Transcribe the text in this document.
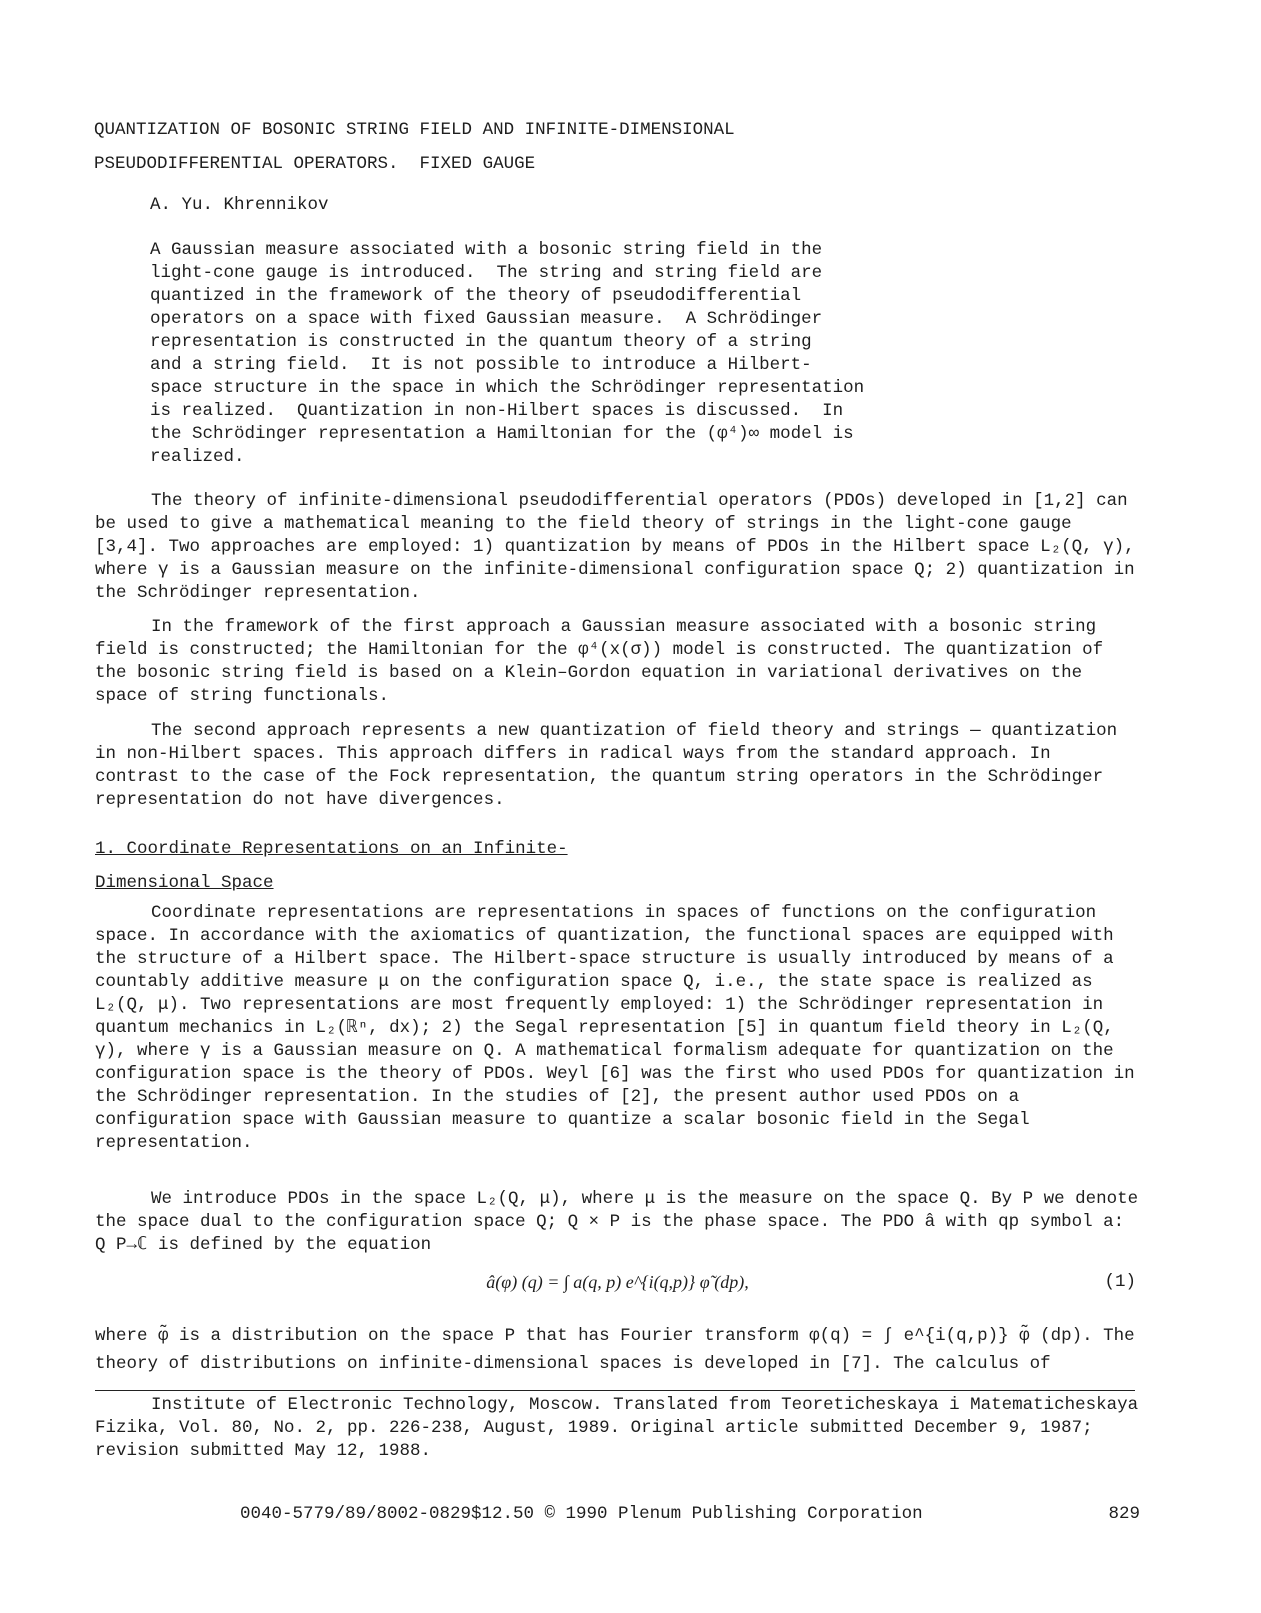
QUANTIZATION OF BOSONIC STRING FIELD AND INFINITE-DIMENSIONAL
PSEUDODIFFERENTIAL OPERATORS.  FIXED GAUGE
A. Yu. Khrennikov
A Gaussian measure associated with a bosonic string field in the
light-cone gauge is introduced.  The string and string field are
quantized in the framework of the theory of pseudodifferential
operators on a space with fixed Gaussian measure.  A Schrödinger
representation is constructed in the quantum theory of a string
and a string field.  It is not possible to introduce a Hilbert-
space structure in the space in which the Schrödinger representation
is realized.  Quantization in non-Hilbert spaces is discussed.  In
the Schrödinger representation a Hamiltonian for the (φ⁴)∞ model is
realized.

The theory of infinite-dimensional pseudodifferential operators (PDOs) developed in [1,2] can be used to give a mathematical meaning to the field theory of strings in the light-cone gauge [3,4]. Two approaches are employed: 1) quantization by means of PDOs in the Hilbert space L₂(Q, γ), where γ is a Gaussian measure on the infinite-dimensional configuration space Q; 2) quantization in the Schrödinger representation.

In the framework of the first approach a Gaussian measure associated with a bosonic string field is constructed; the Hamiltonian for the φ⁴(x(σ)) model is constructed. The quantization of the bosonic string field is based on a Klein–Gordon equation in variational derivatives on the space of string functionals.

The second approach represents a new quantization of field theory and strings — quantization in non-Hilbert spaces. This approach differs in radical ways from the standard approach. In contrast to the case of the Fock representation, the quantum string operators in the Schrödinger representation do not have divergences.

1. Coordinate Representations on an Infinite-
Dimensional Space

Coordinate representations are representations in spaces of functions on the configuration space. In accordance with the axiomatics of quantization, the functional spaces are equipped with the structure of a Hilbert space. The Hilbert-space structure is usually introduced by means of a countably additive measure μ on the configuration space Q, i.e., the state space is realized as L₂(Q, μ). Two representations are most frequently employed: 1) the Schrödinger representation in quantum mechanics in L₂(ℝⁿ, dx); 2) the Segal representation [5] in quantum field theory in L₂(Q, γ), where γ is a Gaussian measure on Q. A mathematical formalism adequate for quantization on the configuration space is the theory of PDOs. Weyl [6] was the first who used PDOs for quantization in the Schrödinger representation. In the studies of [2], the present author used PDOs on a configuration space with Gaussian measure to quantize a scalar bosonic field in the Segal representation.

We introduce PDOs in the space L₂(Q, μ), where μ is the measure on the space Q. By P we denote the space dual to the configuration space Q; Q × P is the phase space. The PDO â with qp symbol a: Q P→ℂ is defined by the equation

â(φ) (q) = ∫ a(q, p) e^{i(q,p)} φ̃ (dp),	(1)

where φ̃ is a distribution on the space P that has Fourier transform φ(q) = ∫ e^{i(q,p)} φ̃ (dp). The theory of distributions on infinite-dimensional spaces is developed in [7]. The calculus of

Institute of Electronic Technology, Moscow. Translated from Teoreticheskaya i Matematicheskaya Fizika, Vol. 80, No. 2, pp. 226-238, August, 1989. Original article submitted December 9, 1987; revision submitted May 12, 1988.

0040-5779/89/8002-0829$12.50 © 1990 Plenum Publishing Corporation	829
